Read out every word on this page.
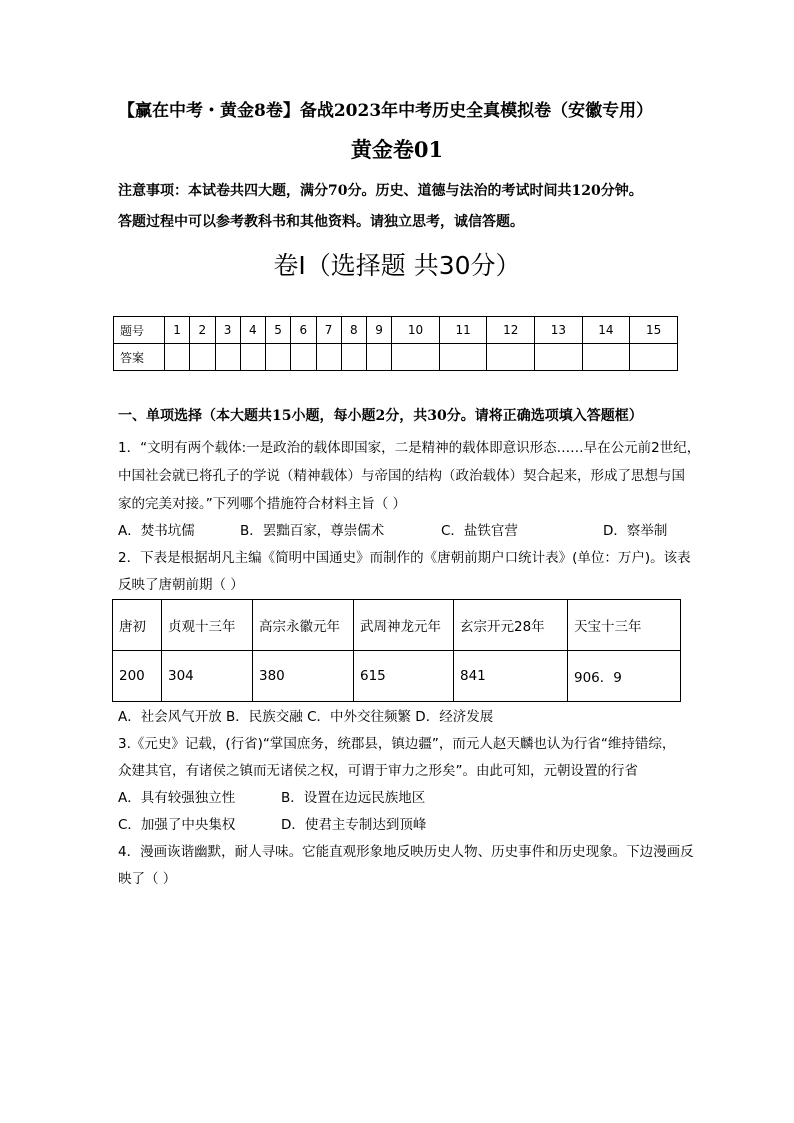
【赢在中考・黄金8卷】备战2023年中考历史全真模拟卷（安徽专用）
黄金卷01
注意事项：本试卷共四大题，满分70分。历史、道德与法治的考试时间共120分钟。
答题过程中可以参考教科书和其他资料。请独立思考，诚信答题。
卷Ⅰ（选择题 共30分）
题号	1	2	3	4	5	6	7	8	9	10	11	12	13	14	15
答案															
一、单项选择（本大题共15小题，每小题2分，共30分。请将正确选项填入答题框）
1．“文明有两个载体:一是政治的载体即国家，二是精神的载体即意识形态……早在公元前2世纪，
中国社会就已将孔子的学说（精神载体）与帝国的结构（政治载体）契合起来，形成了思想与国
家的完美对接。”下列哪个措施符合材料主旨（ ）
A．焚书坑儒	B．罢黜百家，尊崇儒术	C．盐铁官营	D．察举制
2．下表是根据胡凡主编《简明中国通史》而制作的《唐朝前期户口统计表》(单位：万户)。该表
反映了唐朝前期（ ）
唐初	贞观十三年	高宗永徽元年	武周神龙元年	玄宗开元28年	天宝十三年
200	304	380	615	841	906．9
A．社会风气开放 B．民族交融 C．中外交往频繁 D．经济发展
3.《元史》记载，(行省)“掌国庶务，统郡县，镇边疆”，而元人赵天麟也认为行省“维持错综，
众建其官，有诸侯之镇而无诸侯之权，可谓于审力之形矣”。由此可知，元朝设置的行省
A．具有较强独立性	B．设置在边远民族地区
C．加强了中央集权	D．使君主专制达到顶峰
4．漫画诙谐幽默，耐人寻味。它能直观形象地反映历史人物、历史事件和历史现象。下边漫画反
映了（ ）
